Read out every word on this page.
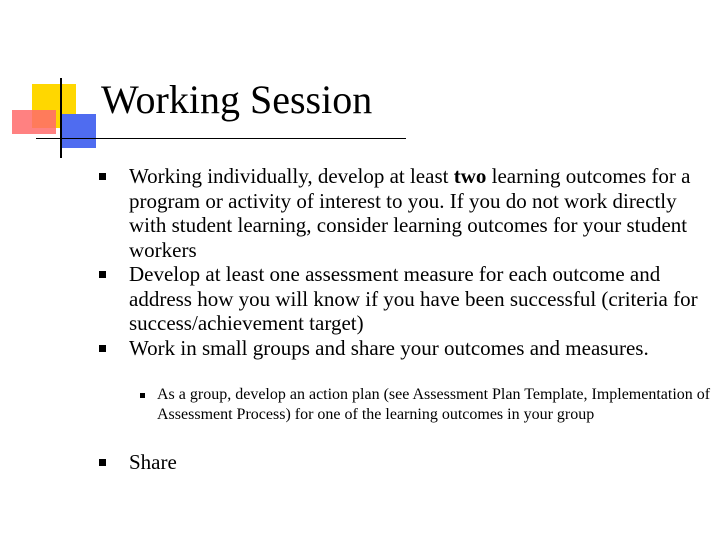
Working Session
Working individually, develop at least two learning outcomes for a program or activity of interest to you. If you do not work directly with student learning, consider learning outcomes for your student workers
Develop at least one assessment measure for each outcome and address how you will know if you have been successful (criteria for success/achievement target)
Work in small groups and share your outcomes and measures.
As a group, develop an action plan (see Assessment Plan Template, Implementation of Assessment Process) for one of the learning outcomes in your group
Share
